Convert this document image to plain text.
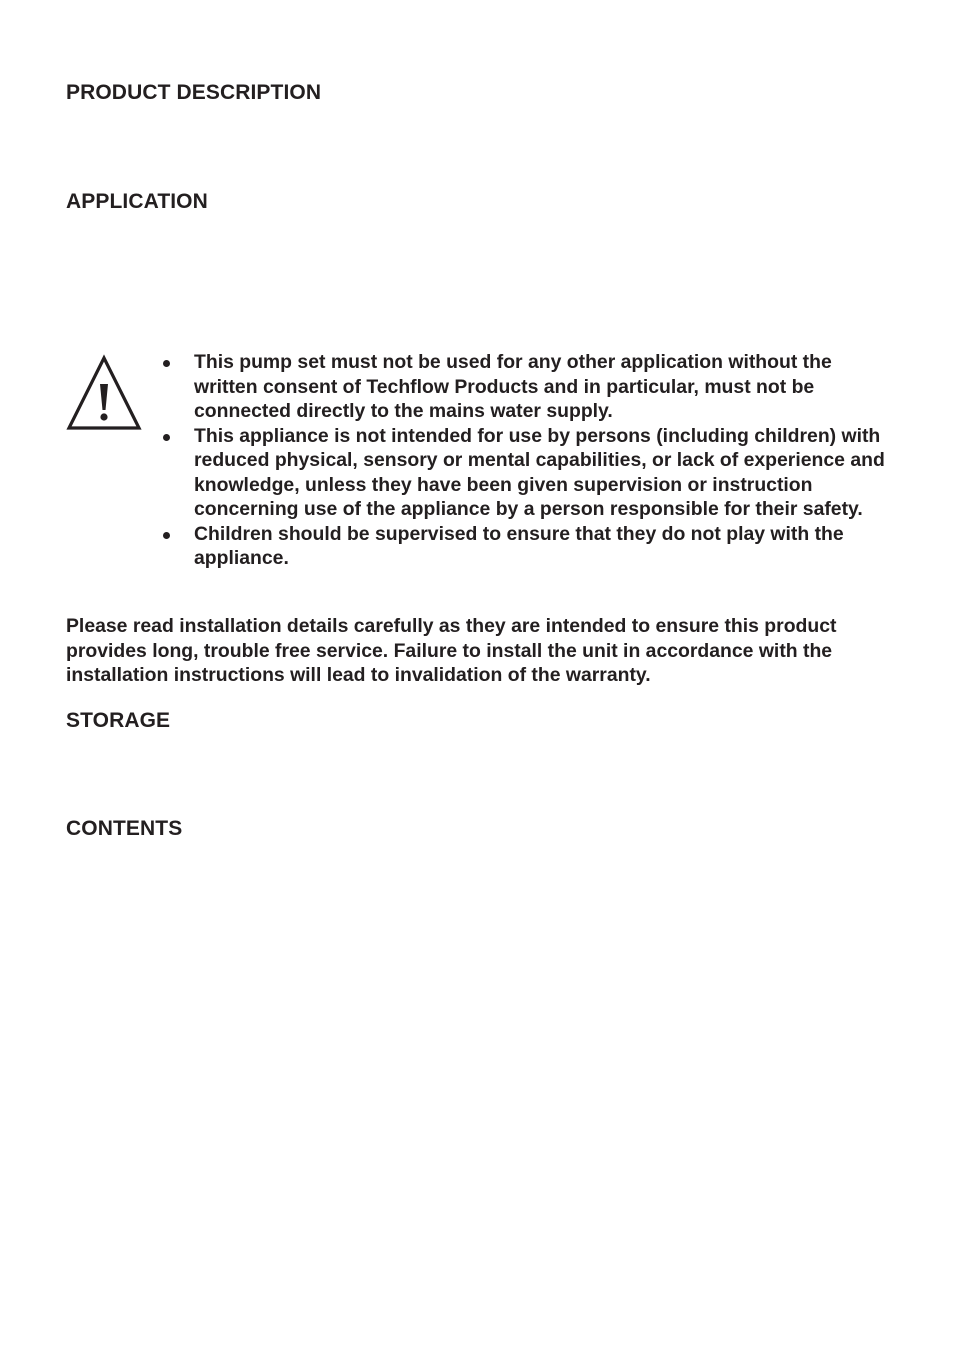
PRODUCT DESCRIPTION
APPLICATION
This pump set must not be used for any other application without the written consent of Techflow Products and in particular, must not be connected directly to the mains water supply.
This appliance is not intended for use by persons (including children) with reduced physical, sensory or mental capabilities, or lack of experience and knowledge, unless they have been given supervision or instruction concerning use of the appliance by a person responsible for their safety.
Children should be supervised to ensure that they do not play with the appliance.

Please read installation details carefully as they are intended to ensure this product provides long, trouble free service. Failure to install the unit in accordance with the installation instructions will lead to invalidation of the warranty.

STORAGE
CONTENTS
